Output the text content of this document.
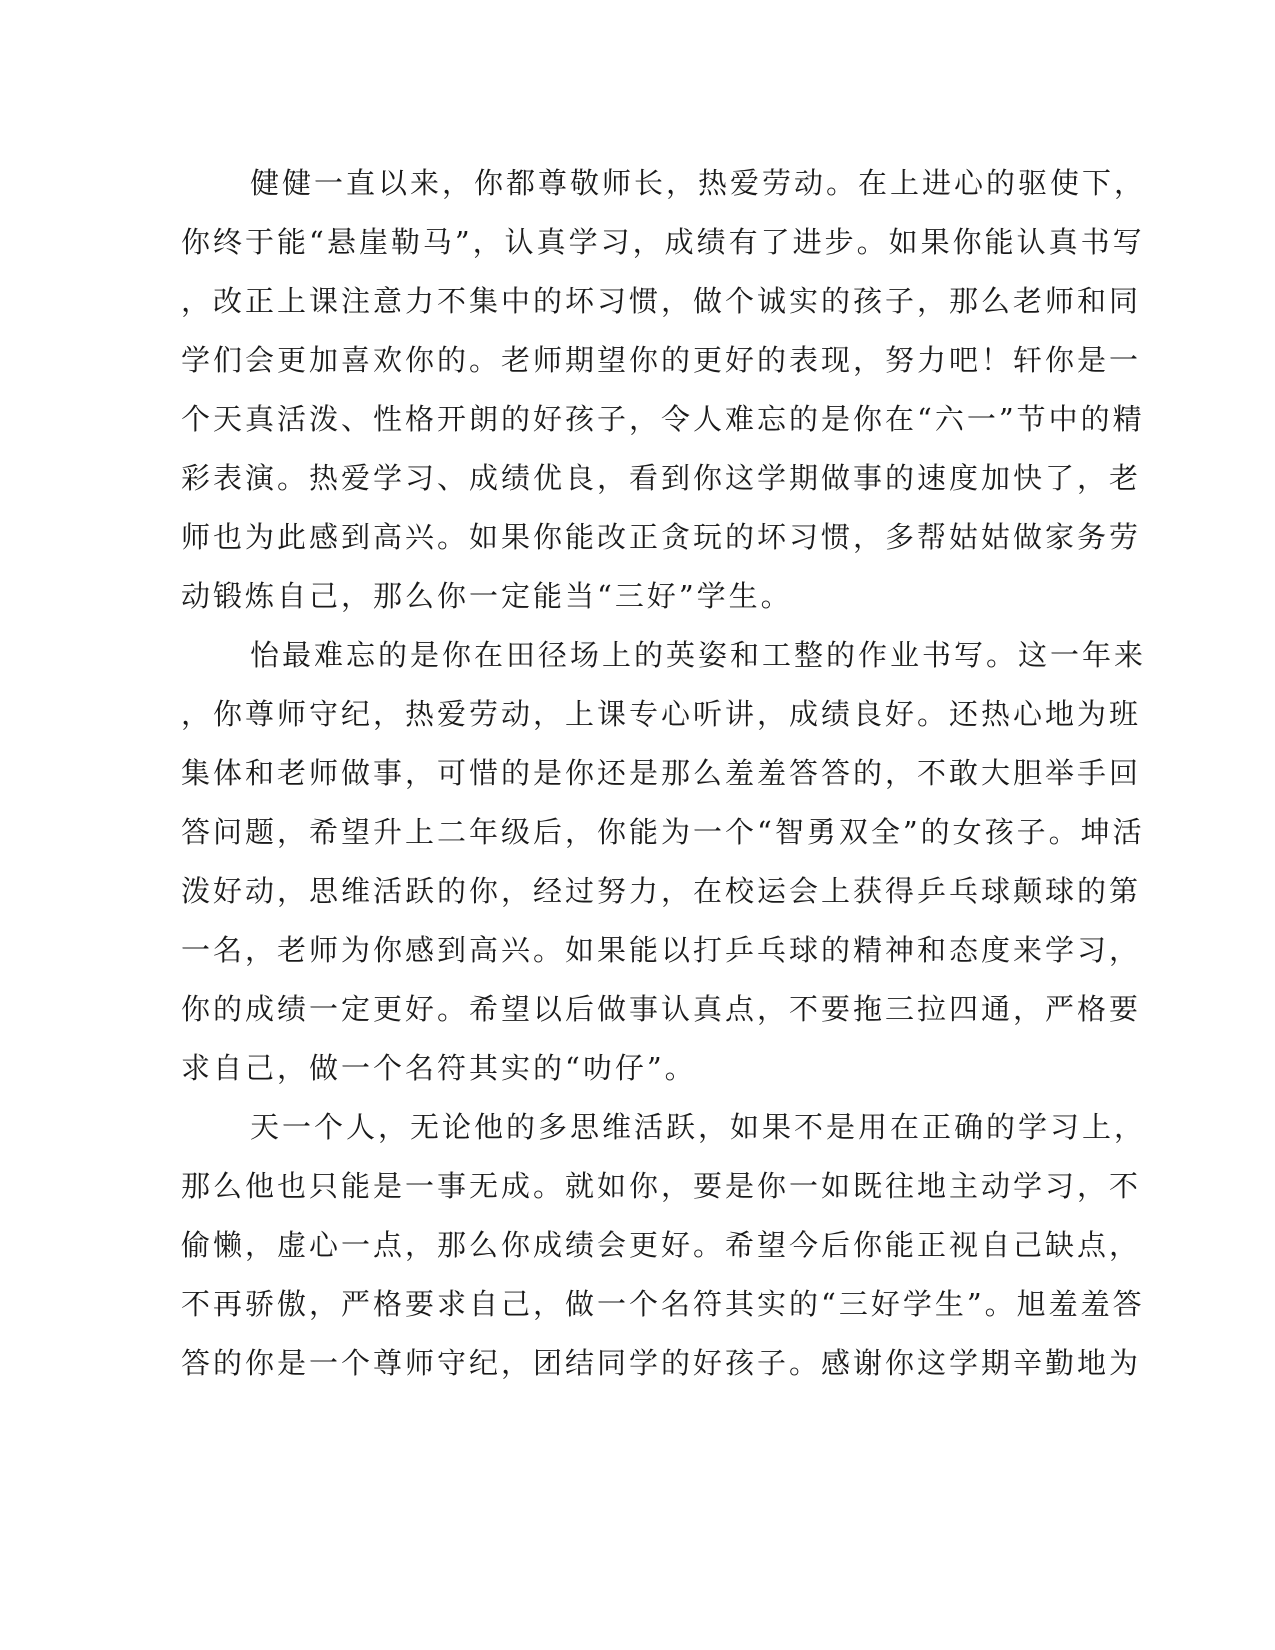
健健一直以来，你都尊敬师长，热爱劳动。在上进心的驱使下，
你终于能“悬崖勒马”，认真学习，成绩有了进步。如果你能认真书写
，改正上课注意力不集中的坏习惯，做个诚实的孩子，那么老师和同
学们会更加喜欢你的。老师期望你的更好的表现，努力吧！轩你是一
个天真活泼、性格开朗的好孩子，令人难忘的是你在“六一”节中的精
彩表演。热爱学习、成绩优良，看到你这学期做事的速度加快了，老
师也为此感到高兴。如果你能改正贪玩的坏习惯，多帮姑姑做家务劳
动锻炼自己，那么你一定能当“三好”学生。
怡最难忘的是你在田径场上的英姿和工整的作业书写。这一年来
，你尊师守纪，热爱劳动，上课专心听讲，成绩良好。还热心地为班
集体和老师做事，可惜的是你还是那么羞羞答答的，不敢大胆举手回
答问题，希望升上二年级后，你能为一个“智勇双全”的女孩子。坤活
泼好动，思维活跃的你，经过努力，在校运会上获得乒乓球颠球的第
一名，老师为你感到高兴。如果能以打乒乓球的精神和态度来学习，
你的成绩一定更好。希望以后做事认真点，不要拖三拉四通，严格要
求自己，做一个名符其实的“叻仔”。
天一个人，无论他的多思维活跃，如果不是用在正确的学习上，
那么他也只能是一事无成。就如你，要是你一如既往地主动学习，不
偷懒，虚心一点，那么你成绩会更好。希望今后你能正视自己缺点，
不再骄傲，严格要求自己，做一个名符其实的“三好学生”。旭羞羞答
答的你是一个尊师守纪，团结同学的好孩子。感谢你这学期辛勤地为
